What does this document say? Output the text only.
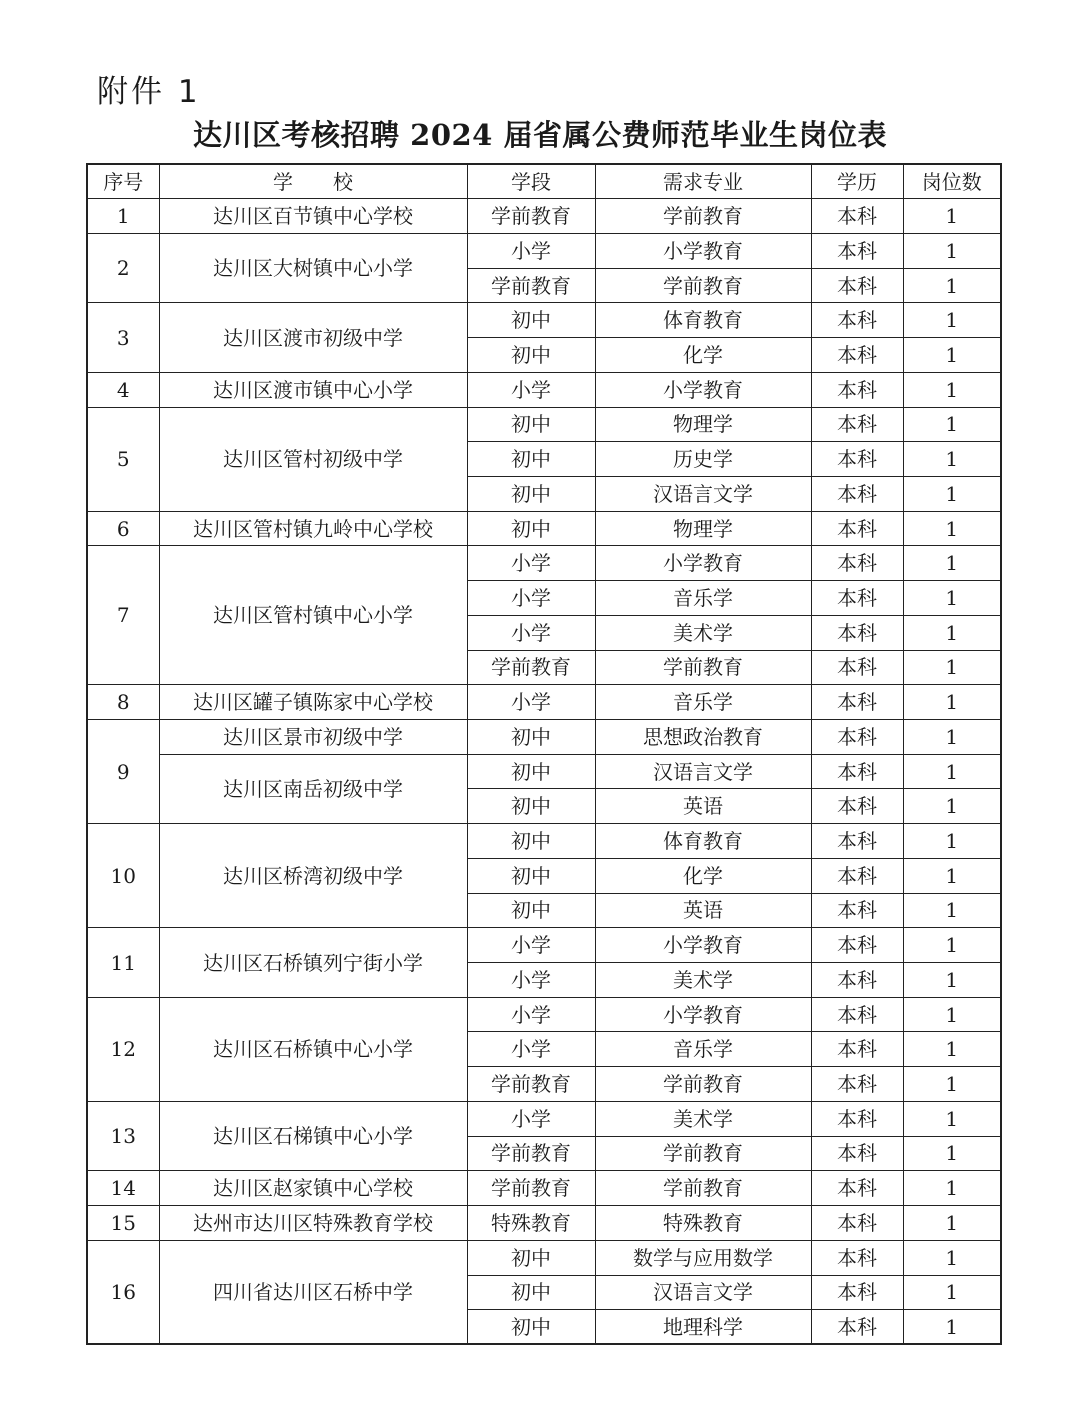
附件 1
达川区考核招聘 2024 届省属公费师范毕业生岗位表
序号	学　　校	学段	需求专业	学历	岗位数
1	达川区百节镇中心学校	学前教育	学前教育	本科	1
2	达川区大树镇中心小学	小学	小学教育	本科	1
		学前教育	学前教育	本科	1
3	达川区渡市初级中学	初中	体育教育	本科	1
		初中	化学	本科	1
4	达川区渡市镇中心小学	小学	小学教育	本科	1
5	达川区管村初级中学	初中	物理学	本科	1
		初中	历史学	本科	1
		初中	汉语言文学	本科	1
6	达川区管村镇九岭中心学校	初中	物理学	本科	1
7	达川区管村镇中心小学	小学	小学教育	本科	1
		小学	音乐学	本科	1
		小学	美术学	本科	1
		学前教育	学前教育	本科	1
8	达川区罐子镇陈家中心学校	小学	音乐学	本科	1
9	达川区景市初级中学	初中	思想政治教育	本科	1
	达川区南岳初级中学	初中	汉语言文学	本科	1
		初中	英语	本科	1
10	达川区桥湾初级中学	初中	体育教育	本科	1
		初中	化学	本科	1
		初中	英语	本科	1
11	达川区石桥镇列宁街小学	小学	小学教育	本科	1
		小学	美术学	本科	1
12	达川区石桥镇中心小学	小学	小学教育	本科	1
		小学	音乐学	本科	1
		学前教育	学前教育	本科	1
13	达川区石梯镇中心小学	小学	美术学	本科	1
		学前教育	学前教育	本科	1
14	达川区赵家镇中心学校	学前教育	学前教育	本科	1
15	达州市达川区特殊教育学校	特殊教育	特殊教育	本科	1
16	四川省达川区石桥中学	初中	数学与应用数学	本科	1
		初中	汉语言文学	本科	1
		初中	地理科学	本科	1
